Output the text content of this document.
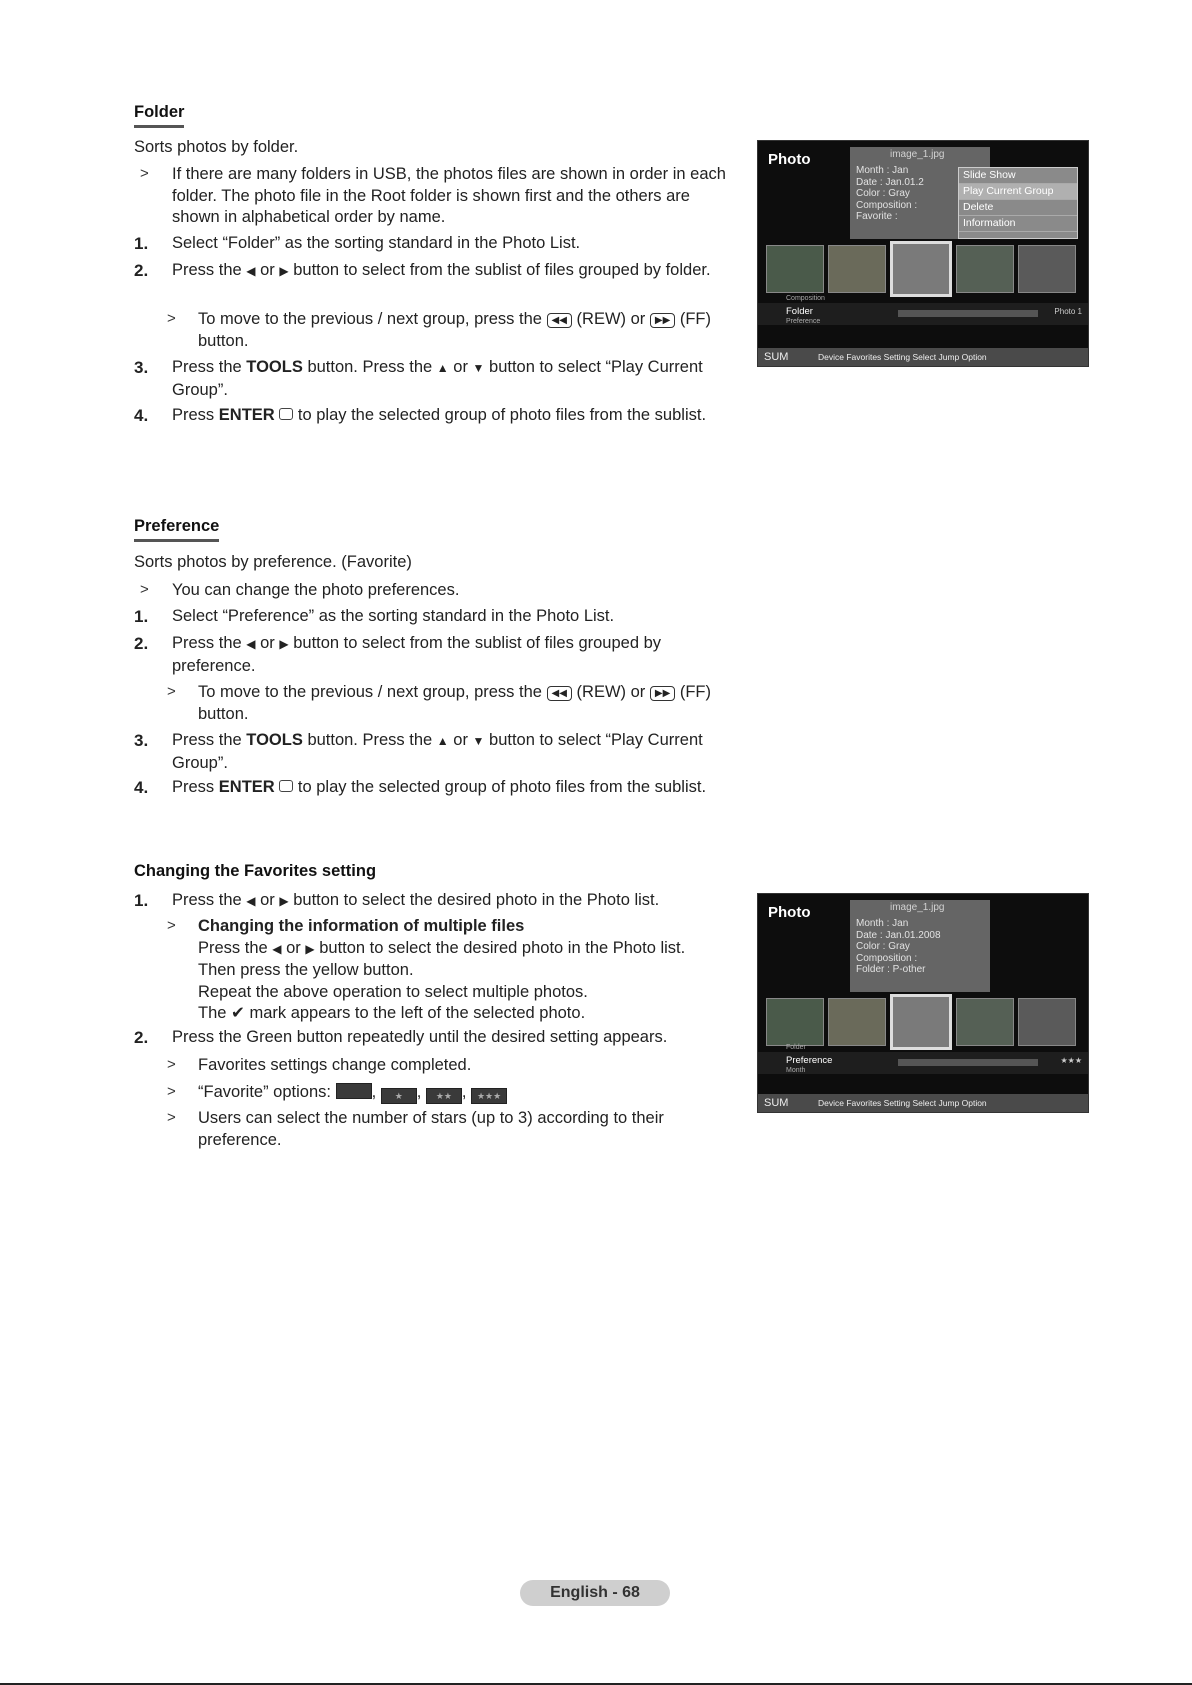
Folder
Sorts photos by folder.
> If there are many folders in USB, the photos files are shown in order in each folder. The photo file in the Root folder is shown first and the others are shown in alphabetical order by name.
1. Select “Folder” as the sorting standard in the Photo List.
2. Press the ◀ or ▶ button to select from the sublist of files grouped by folder.
> To move to the previous / next group, press the ◀◀ (REW) or ▶▶ (FF) button.
3. Press the TOOLS button. Press the ▲ or ▼ button to select “Play Current Group”.
4. Press ENTER to play the selected group of photo files from the sublist.
Photo	image_1.jpg
Month : Jan
Date : Jan.01.2
Color : Gray
Composition :
Favorite :
Slide Show
Play Current Group
Delete
Information
Composition
Folder
Preference
Photo 1
SUM	Device Favorites Setting Select Jump Option
Preference
Sorts photos by preference. (Favorite)
> You can change the photo preferences.
1. Select “Preference” as the sorting standard in the Photo List.
2. Press the ◀ or ▶ button to select from the sublist of files grouped by preference.
> To move to the previous / next group, press the ◀◀ (REW) or ▶▶ (FF) button.
3. Press the TOOLS button. Press the ▲ or ▼ button to select “Play Current Group”.
4. Press ENTER to play the selected group of photo files from the sublist.
Changing the Favorites setting
1. Press the ◀ or ▶ button to select the desired photo in the Photo list.
> Changing the information of multiple files
Press the ◀ or ▶ button to select the desired photo in the Photo list.
Then press the yellow button.
Repeat the above operation to select multiple photos.
The ✔ mark appears to the left of the selected photo.
2. Press the Green button repeatedly until the desired setting appears.
> Favorites settings change completed.
> “Favorite” options: , ★ , ★★ , ★★★
> Users can select the number of stars (up to 3) according to their preference.
Photo	image_1.jpg
Month : Jan
Date : Jan.01.2008
Color : Gray
Composition :
Folder : P-other
Folder
Preference
Month
★★★
SUM	Device Favorites Setting Select Jump Option
English - 68
